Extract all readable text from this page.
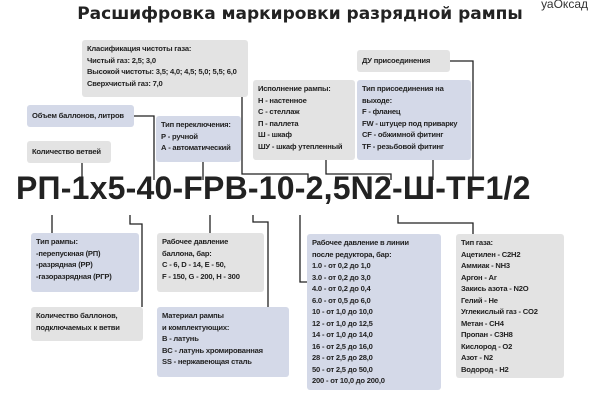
Расшифровка маркировки разрядной рампы	уаОксад
Класификация чистоты газа:
Чистый газ: 2,5; 3,0
Высокой чистоты: 3,5; 4,0; 4,5; 5,0; 5,5; 6,0
Сверхчистый газ: 7,0
ДУ присоединения
Исполнение рампы:
Н - настенное
С - стеллаж
П - паллета
Ш - шкаф
ШУ - шкаф утепленный
Тип присоединения на выходе:
F - фланец
FW - штуцер под приварку
CF - обжимной фитинг
TF - резьбовой фитинг
Объем баллонов, литров
Тип переключения:
Р - ручной
А - автоматический
Количество ветвей
РП-1х5-40-FPB-10-2,5N2-Ш-TF1/2
Тип рампы:
-перепускная (РП)
-разрядная (РР)
-газоразрядная (РГР)
Количество баллонов,
подключаемых к ветви
Рабочее давление
баллона, бар:
C - 6, D - 14, E - 50,
F - 150, G - 200, H - 300
Материал рампы
и комплектующих:
B - латунь
BC - латунь хромированная
SS - нержавеющая сталь
Рабочее давление в линии
после редуктора, бар:
1.0 - от 0,2 до 1,0
3.0 - от 0,2 до 3,0
4.0 - от 0,2 до 0,4
6.0 - от 0,5 до 6,0
10 - от 1,0 до 10,0
12 - от 1,0 до 12,5
14 - от 1,0 до 14,0
16 - от 2,5 до 16,0
28 - от 2,5 до 28,0
50 - от 2,5 до 50,0
200 - от 10,0 до 200,0
Тип газа:
Ацетилен - C2H2
Аммиак - NH3
Аргон - Ar
Закись азота - N2O
Гелий - He
Углекислый газ - CO2
Метан - CH4
Пропан - C3H8
Кислород - O2
Азот - N2
Водород - H2
